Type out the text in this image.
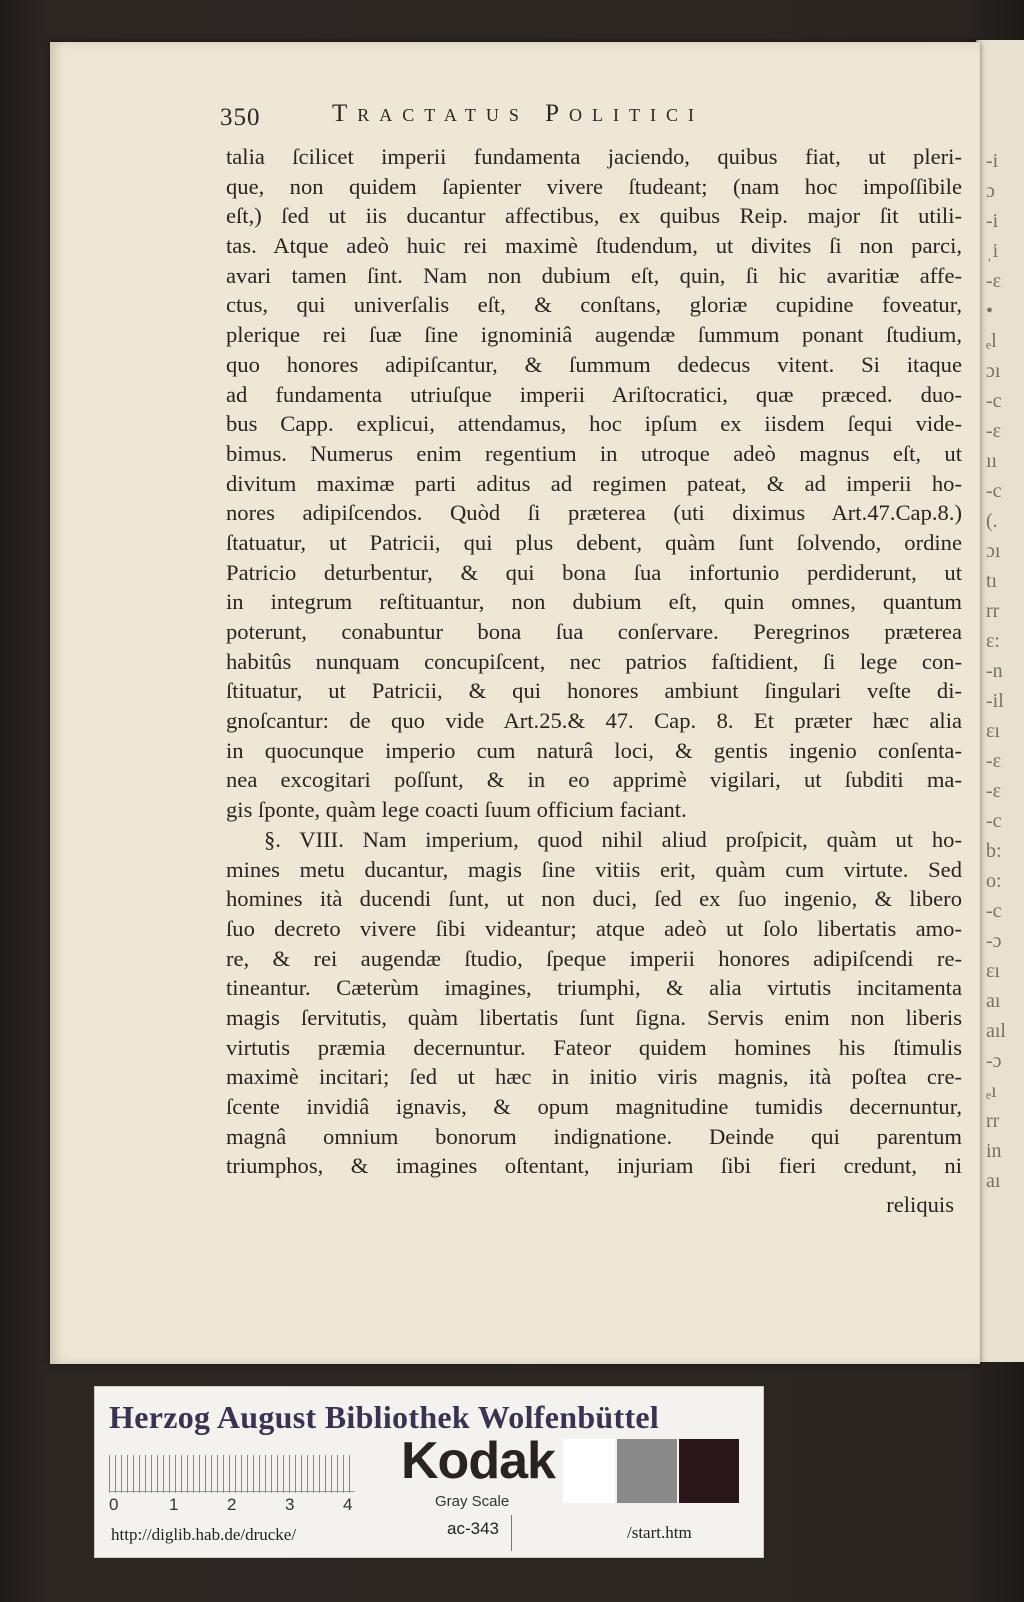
-i
ɔ
-i
ˌi
-ɛ
•
ₑl
ɔı
-c
-ɛ
ıı
-c
(.
ɔı
tı
rr
ɛ:
-n
-il
ɛı
-ɛ
-ɛ
-c
b:
o:
-c
-ɔ
ɛı
aı
aıl
-ɔ
ₑı
rr
in
aı
350	Tractatus Politici
talia ſcilicet imperii fundamenta jaciendo, quibus fiat, ut pleri-
que, non quidem ſapienter vivere ſtudeant; (nam hoc impoſſibile
eſt,) ſed ut iis ducantur affectibus, ex quibus Reip. major ſit utili-
tas. Atque adeò huic rei maximè ſtudendum, ut divites ſi non parci,
avari tamen ſint. Nam non dubium eſt, quin, ſi hic avaritiæ affe-
ctus, qui univerſalis eſt, & conſtans, gloriæ cupidine foveatur,
plerique rei ſuæ ſine ignominiâ augendæ ſummum ponant ſtudium,
quo honores adipiſcantur, & ſummum dedecus vitent. Si itaque
ad fundamenta utriuſque imperii Ariſtocratici, quæ præced. duo-
bus Capp. explicui, attendamus, hoc ipſum ex iisdem ſequi vide-
bimus. Numerus enim regentium in utroque adeò magnus eſt, ut
divitum maximæ parti aditus ad regimen pateat, & ad imperii ho-
nores adipiſcendos. Quòd ſi præterea (uti diximus Art.47.Cap.8.)
ſtatuatur, ut Patricii, qui plus debent, quàm ſunt ſolvendo, ordine
Patricio deturbentur, & qui bona ſua infortunio perdiderunt, ut
in integrum reſtituantur, non dubium eſt, quin omnes, quantum
poterunt, conabuntur bona ſua conſervare. Peregrinos præterea
habitûs nunquam concupiſcent, nec patrios faſtidient, ſi lege con-
ſtituatur, ut Patricii, & qui honores ambiunt ſingulari veſte di-
gnoſcantur: de quo vide Art.25.& 47. Cap. 8. Et præter hæc alia
in quocunque imperio cum naturâ loci, & gentis ingenio conſenta-
nea excogitari poſſunt, & in eo apprimè vigilari, ut ſubditi ma-
gis ſponte, quàm lege coacti ſuum officium faciant.
§. VIII. Nam imperium, quod nihil aliud proſpicit, quàm ut ho-
mines metu ducantur, magis ſine vitiis erit, quàm cum virtute. Sed
homines ità ducendi ſunt, ut non duci, ſed ex ſuo ingenio, & libero
ſuo decreto vivere ſibi videantur; atque adeò ut ſolo libertatis amo-
re, & rei augendæ ſtudio, ſpeque imperii honores adipiſcendi re-
tineantur. Cæterùm imagines, triumphi, & alia virtutis incitamenta
magis ſervitutis, quàm libertatis ſunt ſigna. Servis enim non liberis
virtutis præmia decernuntur. Fateor quidem homines his ſtimulis
maximè incitari; ſed ut hæc in initio viris magnis, ità poſtea cre-
ſcente invidiâ ignavis, & opum magnitudine tumidis decernuntur,
magnâ omnium bonorum indignatione. Deinde qui parentum
triumphos, & imagines oſtentant, injuriam ſibi fieri credunt, ni
reliquis
Herzog August Bibliothek Wolfenbüttel
0	1	2	3	4
Kodak
Gray Scale
http://diglib.hab.de/drucke/	ac-343	/start.htm
